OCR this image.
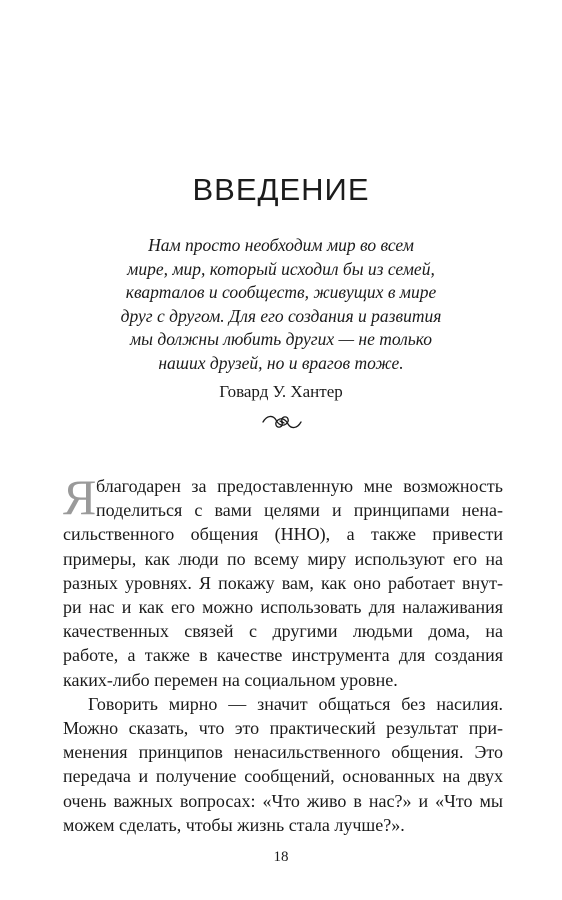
ВВЕДЕНИЕ
Нам просто необходим мир во всем
мире, мир, который исходил бы из семей,
кварталов и сообществ, живущих в мире
друг с другом. Для его создания и развития
мы должны любить других — не только
наших друзей, но и врагов тоже.
Говард У. Хантер
Я благодарен за предоставленную мне возможность
поделиться с вами целями и принципами нена-
сильственного общения (ННО), а также привести
примеры, как люди по всему миру используют его на
разных уровнях. Я покажу вам, как оно работает внут-
ри нас и как его можно использовать для налаживания
качественных связей с другими людьми дома, на
работе, а также в качестве инструмента для создания
каких-либо перемен на социальном уровне.
Говорить мирно — значит общаться без насилия.
Можно сказать, что это практический результат при-
менения принципов ненасильственного общения. Это
передача и получение сообщений, основанных на двух
очень важных вопросах: «Что живо в нас?» и «Что мы
можем сделать, чтобы жизнь стала лучше?».
18
